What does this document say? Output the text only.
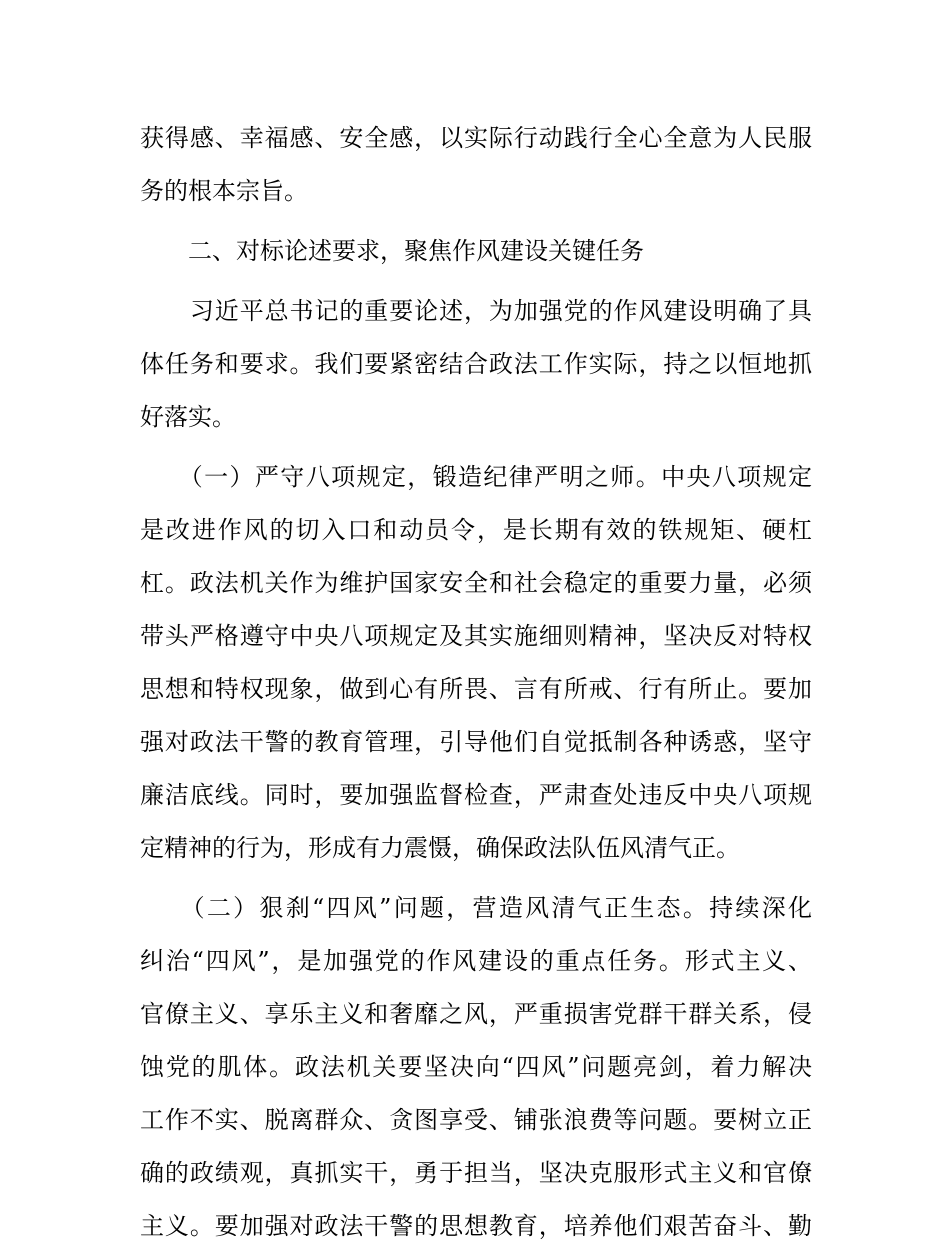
获得感、幸福感、安全感，以实际行动践行全心全意为人民服
务的根本宗旨。

　　二、对标论述要求，聚焦作风建设关键任务

　　习近平总书记的重要论述，为加强党的作风建设明确了具
体任务和要求。我们要紧密结合政法工作实际，持之以恒地抓
好落实。

　　（一）严守八项规定，锻造纪律严明之师。中央八项规定
是改进作风的切入口和动员令，是长期有效的铁规矩、硬杠
杠。政法机关作为维护国家安全和社会稳定的重要力量，必须
带头严格遵守中央八项规定及其实施细则精神，坚决反对特权
思想和特权现象，做到心有所畏、言有所戒、行有所止。要加
强对政法干警的教育管理，引导他们自觉抵制各种诱惑，坚守
廉洁底线。同时，要加强监督检查，严肃查处违反中央八项规
定精神的行为，形成有力震慑，确保政法队伍风清气正。

　　（二）狠刹“四风”问题，营造风清气正生态。持续深化
纠治“四风”，是加强党的作风建设的重点任务。形式主义、
官僚主义、享乐主义和奢靡之风，严重损害党群干群关系，侵
蚀党的肌体。政法机关要坚决向“四风”问题亮剑，着力解决
工作不实、脱离群众、贪图享受、铺张浪费等问题。要树立正
确的政绩观，真抓实干，勇于担当，坚决克服形式主义和官僚
主义。要加强对政法干警的思想教育，培养他们艰苦奋斗、勤
